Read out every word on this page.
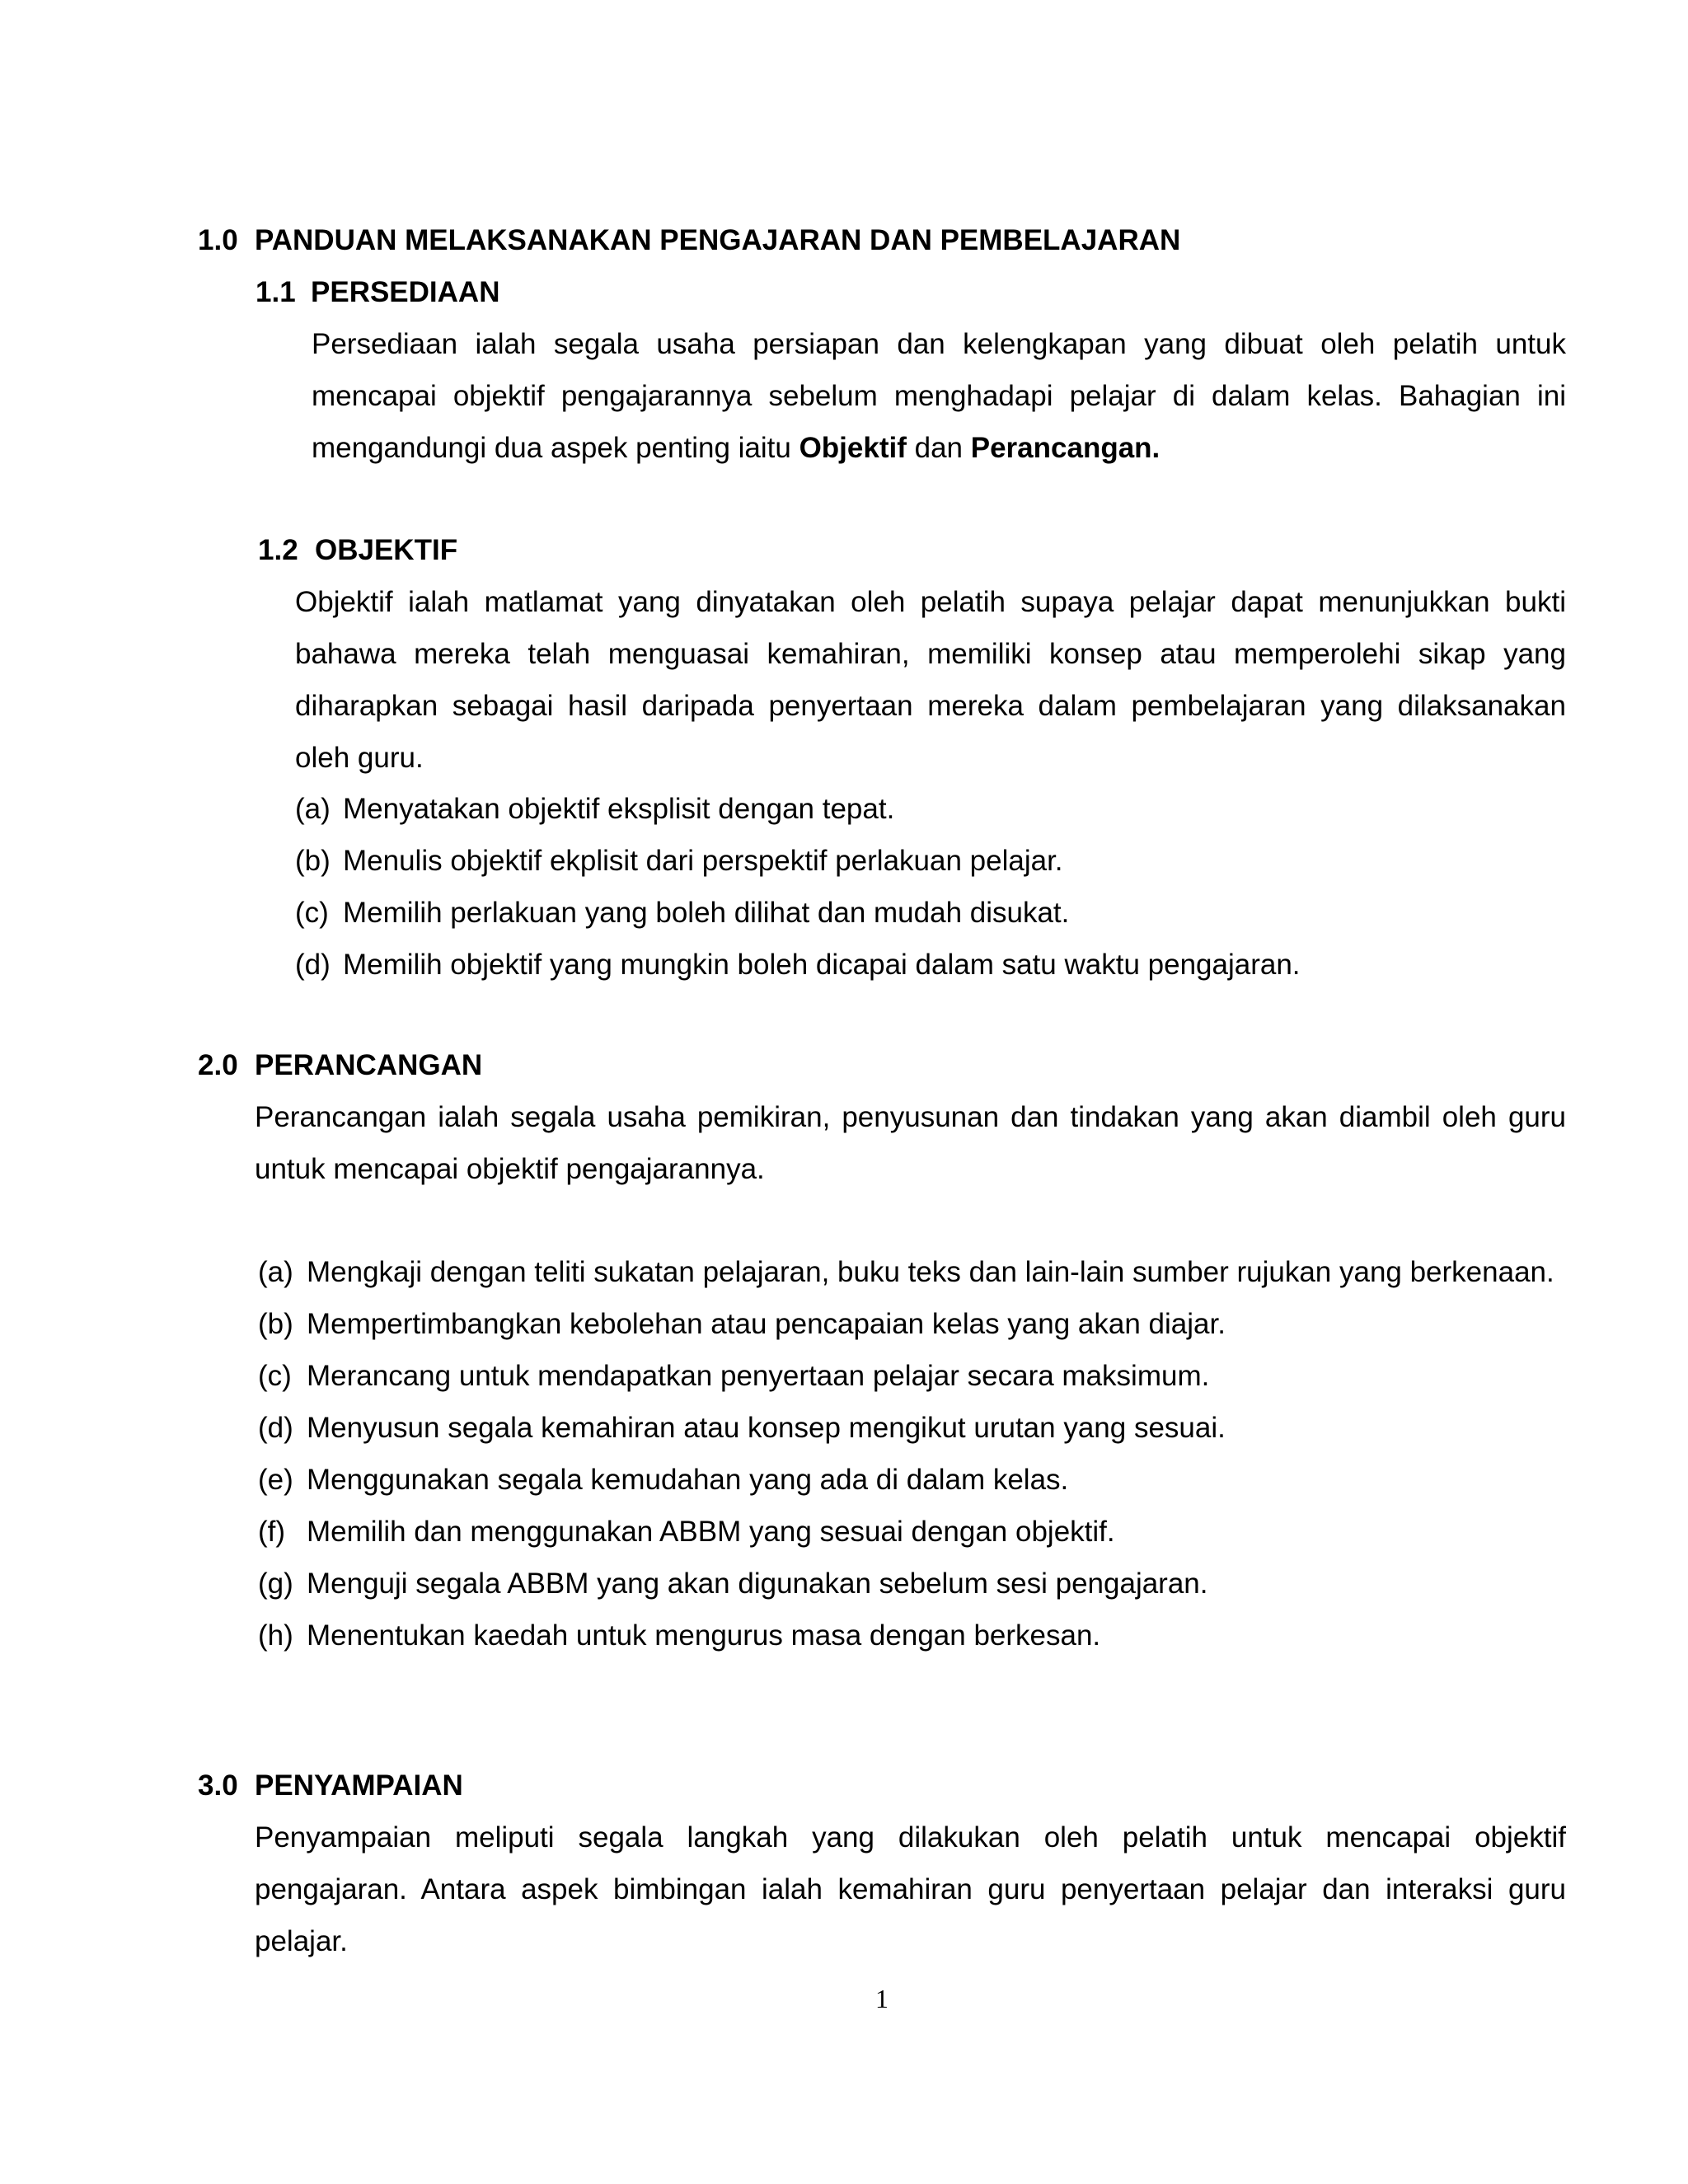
1.0 PANDUAN MELAKSANAKAN PENGAJARAN DAN PEMBELAJARAN
1.1 PERSEDIAAN
Persediaan ialah segala usaha persiapan dan kelengkapan yang dibuat oleh pelatih untuk mencapai objektif pengajarannya sebelum menghadapi pelajar di dalam kelas. Bahagian ini mengandungi dua aspek penting iaitu Objektif dan Perancangan.
1.2 OBJEKTIF
Objektif ialah matlamat yang dinyatakan oleh pelatih supaya pelajar dapat menunjukkan bukti bahawa mereka telah menguasai kemahiran, memiliki konsep atau memperolehi sikap yang diharapkan sebagai hasil daripada penyertaan mereka dalam pembelajaran yang dilaksanakan oleh guru.
(a) Menyatakan objektif eksplisit dengan tepat.
(b) Menulis objektif ekplisit dari perspektif perlakuan pelajar.
(c) Memilih perlakuan yang boleh dilihat dan mudah disukat.
(d) Memilih objektif yang mungkin boleh dicapai dalam satu waktu pengajaran.
2.0 PERANCANGAN
Perancangan ialah segala usaha pemikiran, penyusunan dan tindakan yang akan diambil oleh guru untuk mencapai objektif pengajarannya.
(a) Mengkaji dengan teliti sukatan pelajaran, buku teks dan lain-lain sumber rujukan yang berkenaan.
(b) Mempertimbangkan kebolehan atau pencapaian kelas yang akan diajar.
(c) Merancang untuk mendapatkan penyertaan pelajar secara maksimum.
(d) Menyusun segala kemahiran atau konsep mengikut urutan yang sesuai.
(e) Menggunakan segala kemudahan yang ada di dalam kelas.
(f) Memilih dan menggunakan ABBM yang sesuai dengan objektif.
(g) Menguji segala ABBM yang akan digunakan sebelum sesi pengajaran.
(h) Menentukan kaedah untuk mengurus masa dengan berkesan.
3.0 PENYAMPAIAN
Penyampaian meliputi segala langkah yang dilakukan oleh pelatih untuk mencapai objektif pengajaran. Antara aspek bimbingan ialah kemahiran guru penyertaan pelajar dan interaksi guru pelajar.
1
